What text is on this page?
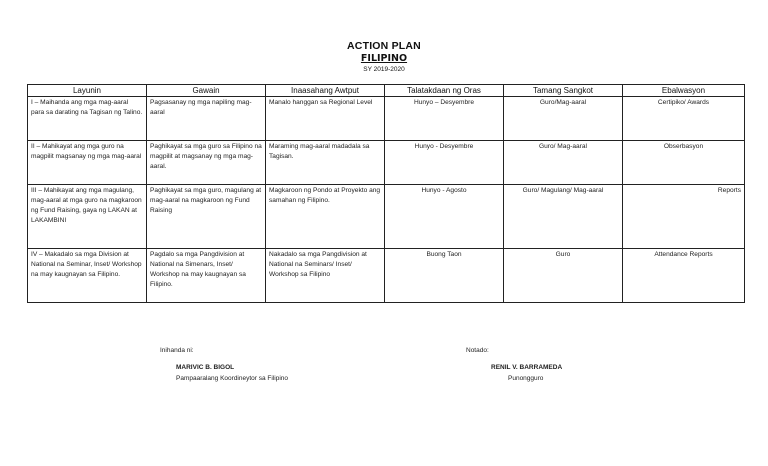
ACTION PLAN
FILIPINO
SY 2019-2020
Layunin	Gawain	Inaasahang Awtput	Talatakdaan ng Oras	Tamang Sangkot	Ebalwasyon
I – Maihanda ang mga mag-aaral para sa darating na Tagisan ng Talino.	Pagsasanay ng mga napiling mag-aaral	Manalo hanggan sa Regional Level	Hunyo – Desyembre	Guro/Mag-aaral	Certipiko/ Awards
II – Mahikayat ang mga guro na magpilit magsanay ng mga mag-aaral	Paghikayat sa mga guro sa Filipino na magpilit at magsanay ng mga mag-aaral.	Maraming mag-aaral madadala sa Tagisan.	Hunyo - Desyembre	Guro/ Mag-aaral	Obserbasyon
III – Mahikayat ang mga magulang, mag-aaral at mga guro na magkaroon ng Fund Raising, gaya ng LAKAN at LAKAMBINI	Paghikayat sa mga guro, magulang at mag-aaral na magkaroon ng Fund Raising	Magkaroon ng Pondo at Proyekto ang samahan ng Filipino.	Hunyo - Agosto	Guro/ Magulang/ Mag-aaral	Reports
IV – Makadalo sa mga Division at National na Seminar, Inset/ Workshop na may kaugnayan sa Filipino.	Pagdalo sa mga Pangdivision at National na Simenars, Inset/ Workshop na may kaugnayan sa Filipino.	Nakadalo sa mga Pangdivision at National na Seminars/ Inset/ Workshop sa Filipino	Buong Taon	Guro	Attendance Reports
Inihanda ni:
MARIVIC B. BIGOL
Pampaaralang Koordineytor sa Filipino
Notado:
RENIL V. BARRAMEDA
Punongguro
